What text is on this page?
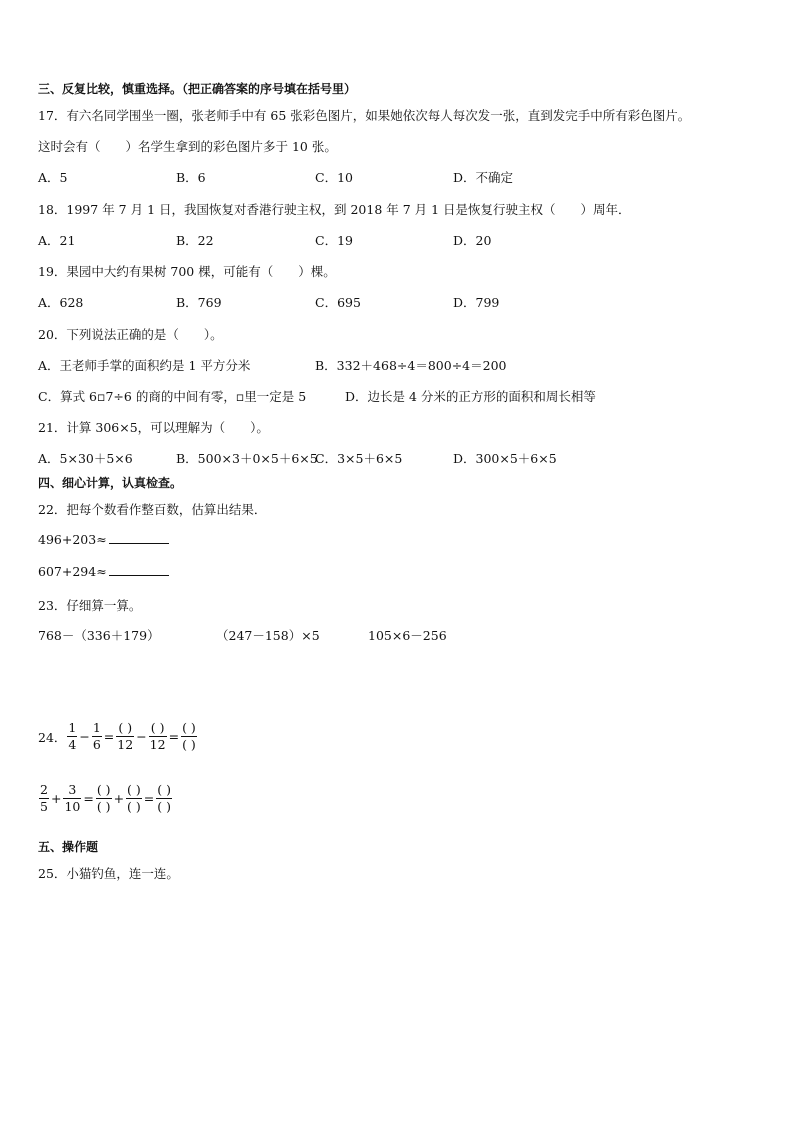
三、反复比较，慎重选择。（把正确答案的序号填在括号里）
17．有六名同学围坐一圈，张老师手中有 65 张彩色图片，如果她依次每人每次发一张，直到发完手中所有彩色图片。
这时会有（　　）名学生拿到的彩色图片多于 10 张。
A．5	B．6	C．10	D．不确定
18．1997 年 7 月 1 日，我国恢复对香港行驶主权，到 2018 年 7 月 1 日是恢复行驶主权（　　）周年．
A．21	B．22	C．19	D．20
19．果园中大约有果树 700 棵，可能有（　　）棵。
A．628	B．769	C．695	D．799
20．下列说法正确的是（　　）。
A．王老师手掌的面积约是 1 平方分米	B．332＋468÷4＝800÷4＝200
C．算式 6▫7÷6 的商的中间有零，▫里一定是 5	D．边长是 4 分米的正方形的面积和周长相等
21．计算 306×5，可以理解为（　　）。
A．5×30＋5×6	B．500×3＋0×5＋6×5
C．3×5＋6×5	D．300×5＋6×5
四、细心计算，认真检查。
22．把每个数看作整百数，估算出结果．
496+203≈
607+294≈
23．仔细算一算。
768－（336＋179）	（247－158）×5	105×6－256
24． $\frac{1}{4} - \frac{1}{6} = \frac{( )}{12} - \frac{( )}{12} = \frac{( )}{( )}$
$\frac{2}{5} + \frac{3}{10} = \frac{( )}{( )} + \frac{( )}{( )} = \frac{( )}{( )}$
五、操作题
25．小猫钓鱼，连一连。
